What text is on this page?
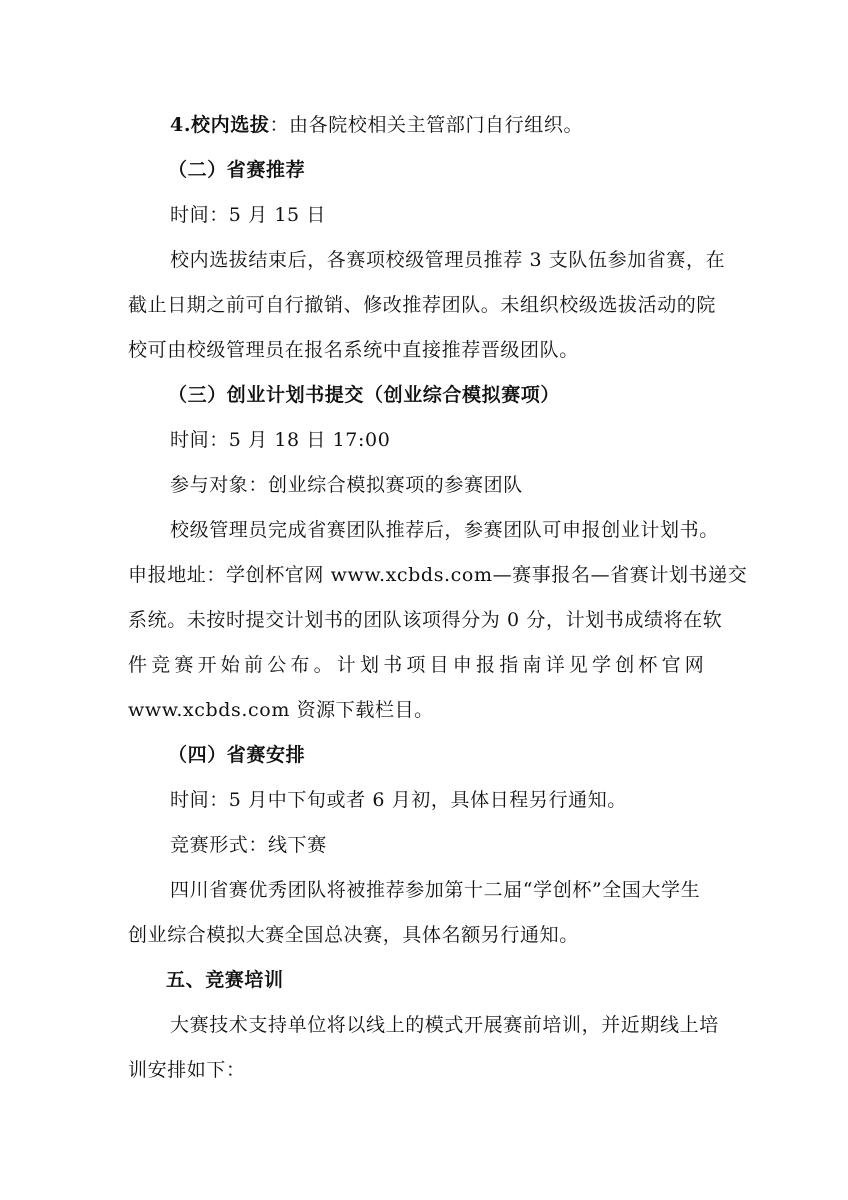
4.校内选拔：由各院校相关主管部门自行组织。
（二）省赛推荐
时间：5 月 15 日
校内选拔结束后，各赛项校级管理员推荐 3 支队伍参加省赛，在
截止日期之前可自行撤销、修改推荐团队。未组织校级选拔活动的院
校可由校级管理员在报名系统中直接推荐晋级团队。
（三）创业计划书提交（创业综合模拟赛项）
时间：5 月 18 日 17:00
参与对象：创业综合模拟赛项的参赛团队
校级管理员完成省赛团队推荐后，参赛团队可申报创业计划书。
申报地址：学创杯官网 www.xcbds.com—赛事报名—省赛计划书递交
系统。未按时提交计划书的团队该项得分为 0 分，计划书成绩将在软
件竞赛开始前公布。计划书项目申报指南详见学创杯官网
www.xcbds.com 资源下载栏目。
（四）省赛安排
时间：5 月中下旬或者 6 月初，具体日程另行通知。
竞赛形式：线下赛
四川省赛优秀团队将被推荐参加第十二届“学创杯”全国大学生
创业综合模拟大赛全国总决赛，具体名额另行通知。
五、竞赛培训
大赛技术支持单位将以线上的模式开展赛前培训，并近期线上培
训安排如下：
